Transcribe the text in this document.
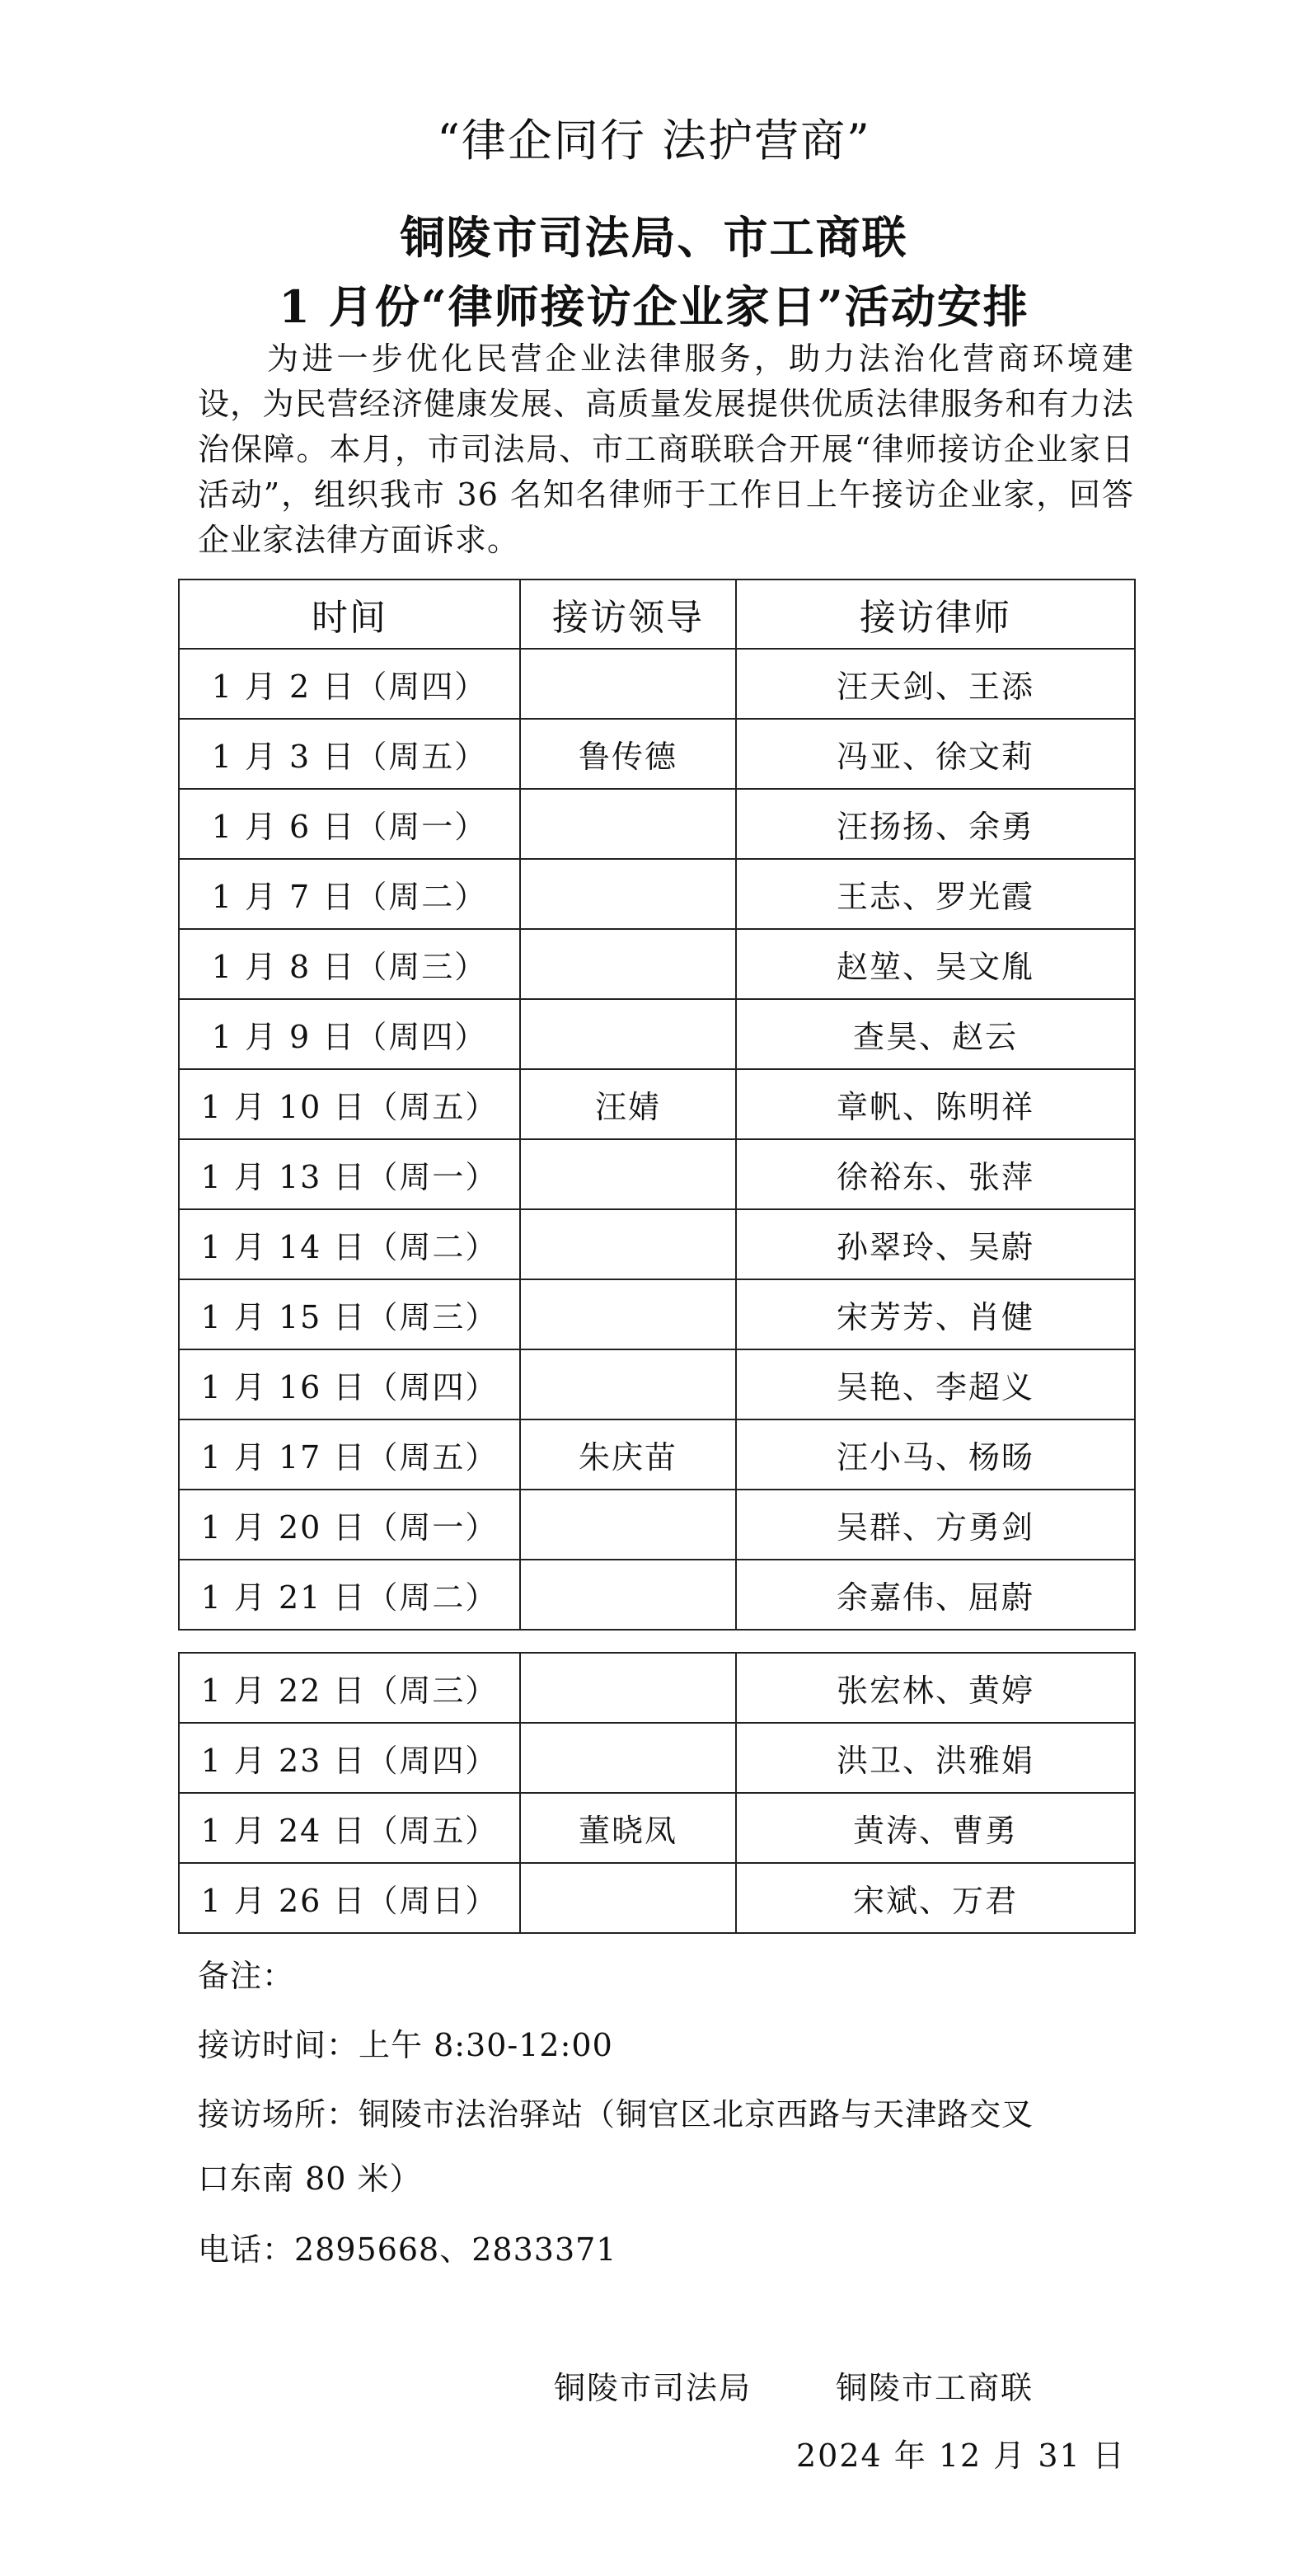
“律企同行 法护营商”
铜陵市司法局、市工商联
1 月份“律师接访企业家日”活动安排
为进一步优化民营企业法律服务，助力法治化营商环境建设，为民营经济健康发展、高质量发展提供优质法律服务和有力法治保障。本月，市司法局、市工商联联合开展“律师接访企业家日活动”，组织我市 36 名知名律师于工作日上午接访企业家，回答企业家法律方面诉求。
时间	接访领导	接访律师
1 月 2 日（周四）		汪天剑、王添
1 月 3 日（周五）	鲁传德	冯亚、徐文莉
1 月 6 日（周一）		汪扬扬、余勇
1 月 7 日（周二）		王志、罗光霞
1 月 8 日（周三）		赵堃、吴文胤
1 月 9 日（周四）		查昊、赵云
1 月 10 日（周五）	汪婧	章帆、陈明祥
1 月 13 日（周一）		徐裕东、张萍
1 月 14 日（周二）		孙翠玲、吴蔚
1 月 15 日（周三）		宋芳芳、肖健
1 月 16 日（周四）		吴艳、李超义
1 月 17 日（周五）	朱庆苗	汪小马、杨旸
1 月 20 日（周一）		吴群、方勇剑
1 月 21 日（周二）		余嘉伟、屈蔚
1 月 22 日（周三）		张宏林、黄婷
1 月 23 日（周四）		洪卫、洪雅娟
1 月 24 日（周五）	董晓凤	黄涛、曹勇
1 月 26 日（周日）		宋斌、万君
备注：
接访时间：上午 8:30-12:00
接访场所：铜陵市法治驿站（铜官区北京西路与天津路交叉
口东南 80 米）
电话：2895668、2833371
铜陵市司法局	铜陵市工商联
2024 年 12 月 31 日
